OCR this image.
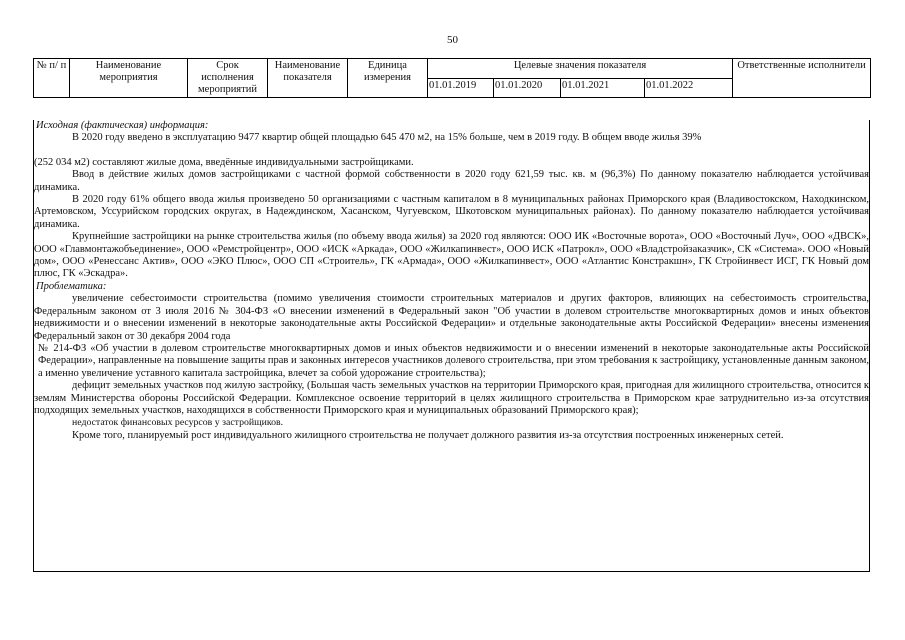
50
№ п/ п	Наименование мероприятия	Срок исполнения мероприятий	Наименование показателя	Единица измерения	Целевые значения показателя				Ответственные исполнители
					01.01.2019	01.01.2020	01.01.2021	01.01.2022	

Исходная (фактическая) информация:

В 2020 году введено в эксплуатацию 9477 квартир общей площадью 645 470 м2, на 15% больше, чем в 2019 году. В общем вводе жилья 39%

(252 034 м2) составляют жилые дома, введённые индивидуальными застройщиками.

Ввод в действие жилых домов застройщиками с частной формой собственности в 2020 году 621,59 тыс. кв. м (96,3%) По данному показателю наблюдается устойчивая динамика.

В 2020 году 61% общего ввода жилья произведено 50 организациями с частным капиталом в 8 муниципальных районах Приморского края (Владивостокском, Находкинском, Артемовском, Уссурийском городских округах, в Надеждинском, Хасанском, Чугуевском, Шкотовском муниципальных районах). По данному показателю наблюдается устойчивая динамика.

Крупнейшие застройщики на рынке строительства жилья (по объему ввода жилья) за 2020 год являются: ООО ИК «Восточные ворота», ООО «Восточный Луч», ООО «ДВСК», ООО «Главмонтажобъединение», ООО «Ремстройцентр», ООО «ИСК «Аркада», ООО «Жилкапинвест», ООО ИСК «Патрокл», ООО «Владстройзаказчик», СК «Система». ООО «Новый дом», ООО «Ренессанс Актив», ООО «ЭКО Плюс», ООО СП «Строитель», ГК «Армада», ООО «Жилкапинвест», ООО «Атлантис Констракшн», ГК Стройинвест ИСГ, ГК Новый дом плюс, ГК «Эскадра».

Проблематика:

увеличение себестоимости строительства (помимо увеличения стоимости строительных материалов и других факторов, влияющих на себестоимость строительства, Федеральным законом от 3 июля 2016 № 304-ФЗ «О внесении изменений в Федеральный закон "Об участии в долевом строительстве многоквартирных домов и иных объектов недвижимости и о внесении изменений в некоторые законодательные акты Российской Федерации» и отдельные законодательные акты Российской Федерации» внесены изменения Федеральный закон от 30 декабря 2004 года

№ 214-ФЗ «Об участии в долевом строительстве многоквартирных домов и иных объектов недвижимости и о внесении изменений в некоторые законодательные акты Российской Федерации», направленные на повышение защиты прав и законных интересов участников долевого строительства, при этом требования к застройщику, установленные данным законом, а именно увеличение уставного капитала застройщика, влечет за собой удорожание строительства);

дефицит земельных участков под жилую застройку, (Большая часть земельных участков на территории Приморского края, пригодная для жилищного строительства, относится к землям Министерства обороны Российской Федерации. Комплексное освоение территорий в целях жилищного строительства в Приморском крае затруднительно из-за отсутствия подходящих земельных участков, находящихся в собственности Приморского края и муниципальных образований Приморского края);

недостаток финансовых ресурсов у застройщиков.

Кроме того, планируемый рост индивидуального жилищного строительства не получает должного развития из-за отсутствия построенных инженерных сетей.
